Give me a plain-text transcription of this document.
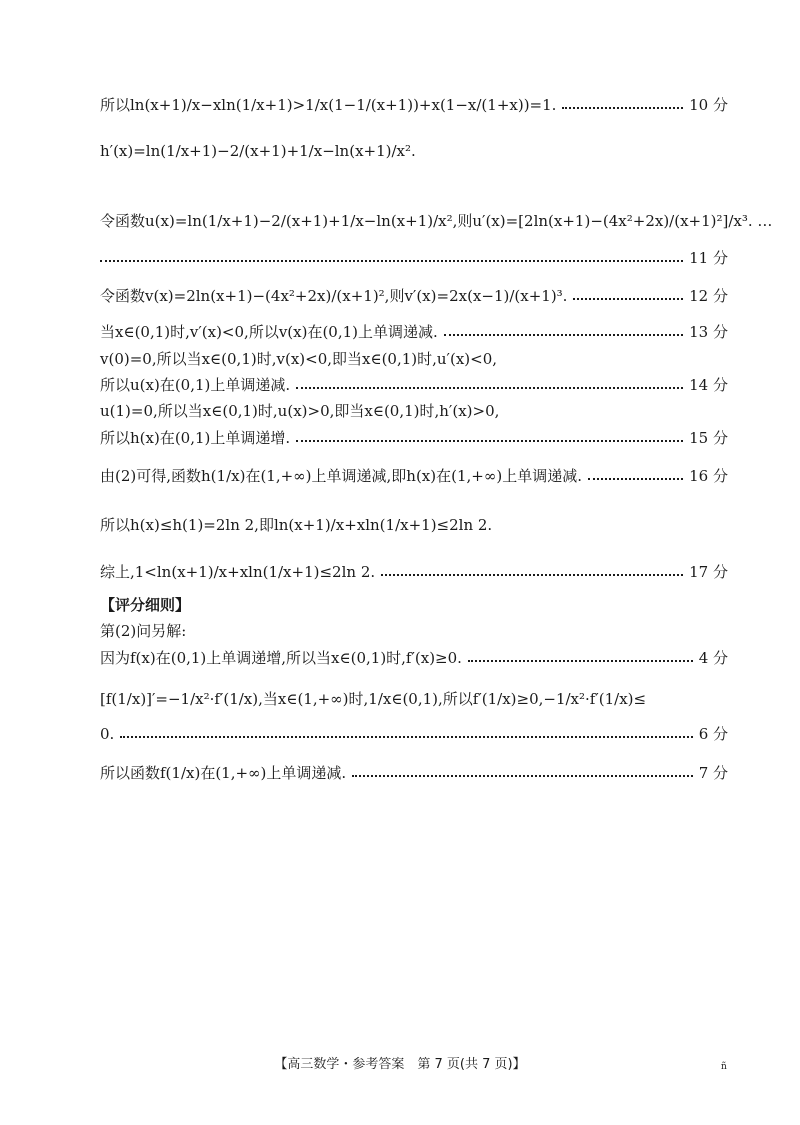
所以ln(x+1)/x−xln(1/x+1)>1/x(1−1/(x+1))+x(1−x/(1+x))=1.	10 分
h′(x)=ln(1/x+1)−2/(x+1)+1/x−ln(x+1)/x².
令函数u(x)=ln(1/x+1)−2/(x+1)+1/x−ln(x+1)/x²,则u′(x)=[2ln(x+1)−(4x²+2x)/(x+1)²]/x³. …
11 分
令函数v(x)=2ln(x+1)−(4x²+2x)/(x+1)²,则v′(x)=2x(x−1)/(x+1)³.	12 分
当x∈(0,1)时,v′(x)<0,所以v(x)在(0,1)上单调递减.	13 分
v(0)=0,所以当x∈(0,1)时,v(x)<0,即当x∈(0,1)时,u′(x)<0,
所以u(x)在(0,1)上单调递减.	14 分
u(1)=0,所以当x∈(0,1)时,u(x)>0,即当x∈(0,1)时,h′(x)>0,
所以h(x)在(0,1)上单调递增.	15 分
由(2)可得,函数h(1/x)在(1,+∞)上单调递减,即h(x)在(1,+∞)上单调递减.	16 分
所以h(x)≤h(1)=2ln 2,即ln(x+1)/x+xln(1/x+1)≤2ln 2.
综上,1<ln(x+1)/x+xln(1/x+1)≤2ln 2.	17 分
【评分细则】
第(2)问另解:
因为f(x)在(0,1)上单调递增,所以当x∈(0,1)时,f′(x)≥0.	4 分
[f(1/x)]′=−1/x²·f′(1/x),当x∈(1,+∞)时,1/x∈(0,1),所以f′(1/x)≥0,−1/x²·f′(1/x)≤
0.	6 分
所以函数f(1/x)在(1,+∞)上单调递减.	7 分
【高三数学・参考答案　第 7 页(共 7 页)】	ñ
